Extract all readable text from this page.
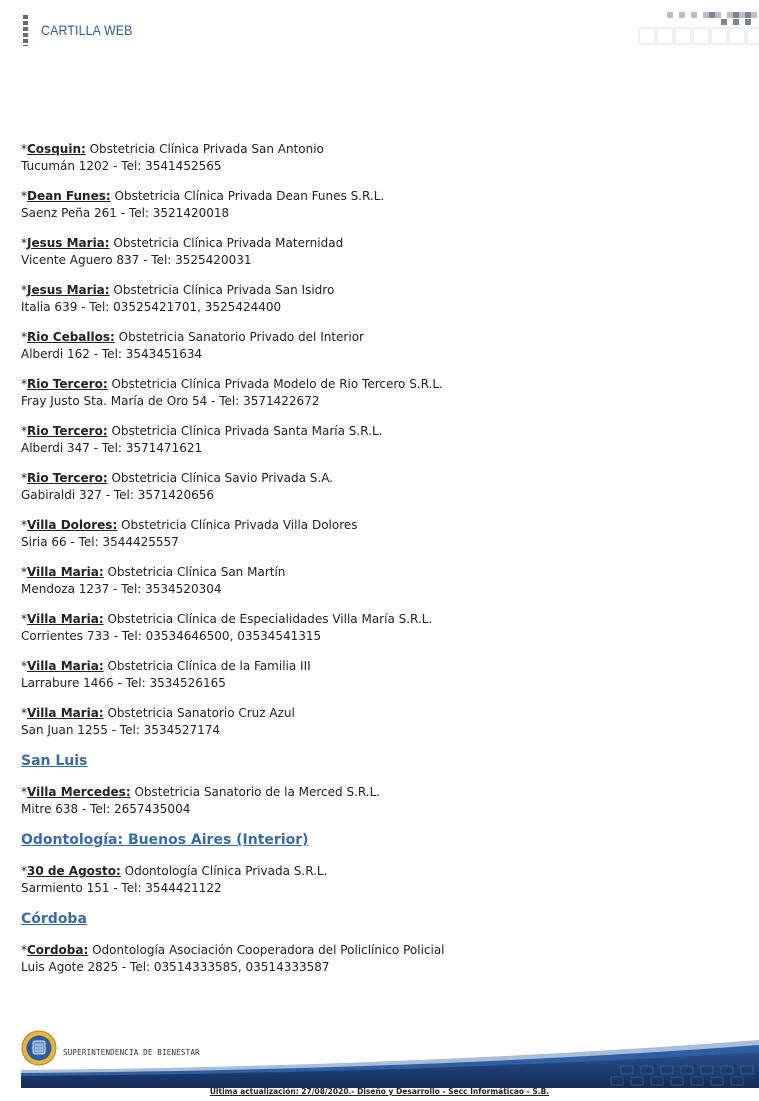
CARTILLA WEB
*Cosquin: Obstetricia Clínica Privada San Antonio
Tucumán 1202 - Tel: 3541452565
*Dean Funes: Obstetricia Clínica Privada Dean Funes S.R.L.
Saenz Peña 261 - Tel: 3521420018
*Jesus Maria: Obstetricia Clínica Privada Maternidad
Vicente Aguero 837 - Tel: 3525420031
*Jesus Maria: Obstetricia Clínica Privada San Isidro
Italia 639 - Tel: 03525421701, 3525424400
*Rio Ceballos: Obstetricia Sanatorio Privado del Interior
Alberdi 162 - Tel: 3543451634
*Rio Tercero: Obstetricia Clínica Privada Modelo de Rio Tercero S.R.L.
Fray Justo Sta. María de Oro 54 - Tel: 3571422672
*Rio Tercero: Obstetricia Clínica Privada Santa María S.R.L.
Alberdi 347 - Tel: 3571471621
*Rio Tercero: Obstetricia Clínica Savio Privada S.A.
Gabiraldi 327 - Tel: 3571420656
*Villa Dolores: Obstetricia Clínica Privada Villa Dolores
Siria 66 - Tel: 3544425557
*Villa Maria: Obstetricia Clínica San Martín
Mendoza 1237 - Tel: 3534520304
*Villa Maria: Obstetricia Clínica de Especialidades Villa María S.R.L.
Corrientes 733 - Tel: 03534646500, 03534541315
*Villa Maria: Obstetricia Clínica de la Familia III
Larrabure 1466 - Tel: 3534526165
*Villa Maria: Obstetricia Sanatorio Cruz Azul
San Juan 1255 - Tel: 3534527174
San Luis
*Villa Mercedes: Obstetricia Sanatorio de la Merced S.R.L.
Mitre 638 - Tel: 2657435004
Odontología: Buenos Aires (Interior)
*30 de Agosto: Odontología Clínica Privada S.R.L.
Sarmiento 151 - Tel: 3544421122
Córdoba
*Cordoba: Odontología Asociación Cooperadora del Policlínico Policial
Luis Agote 2825 - Tel: 03514333585, 03514333587
SUPERINTENDENCIA DE BIENESTAR
Ultima actualización: 27/08/2020.- Diseño y Desarrollo - Secc Informáticao - S.B.
